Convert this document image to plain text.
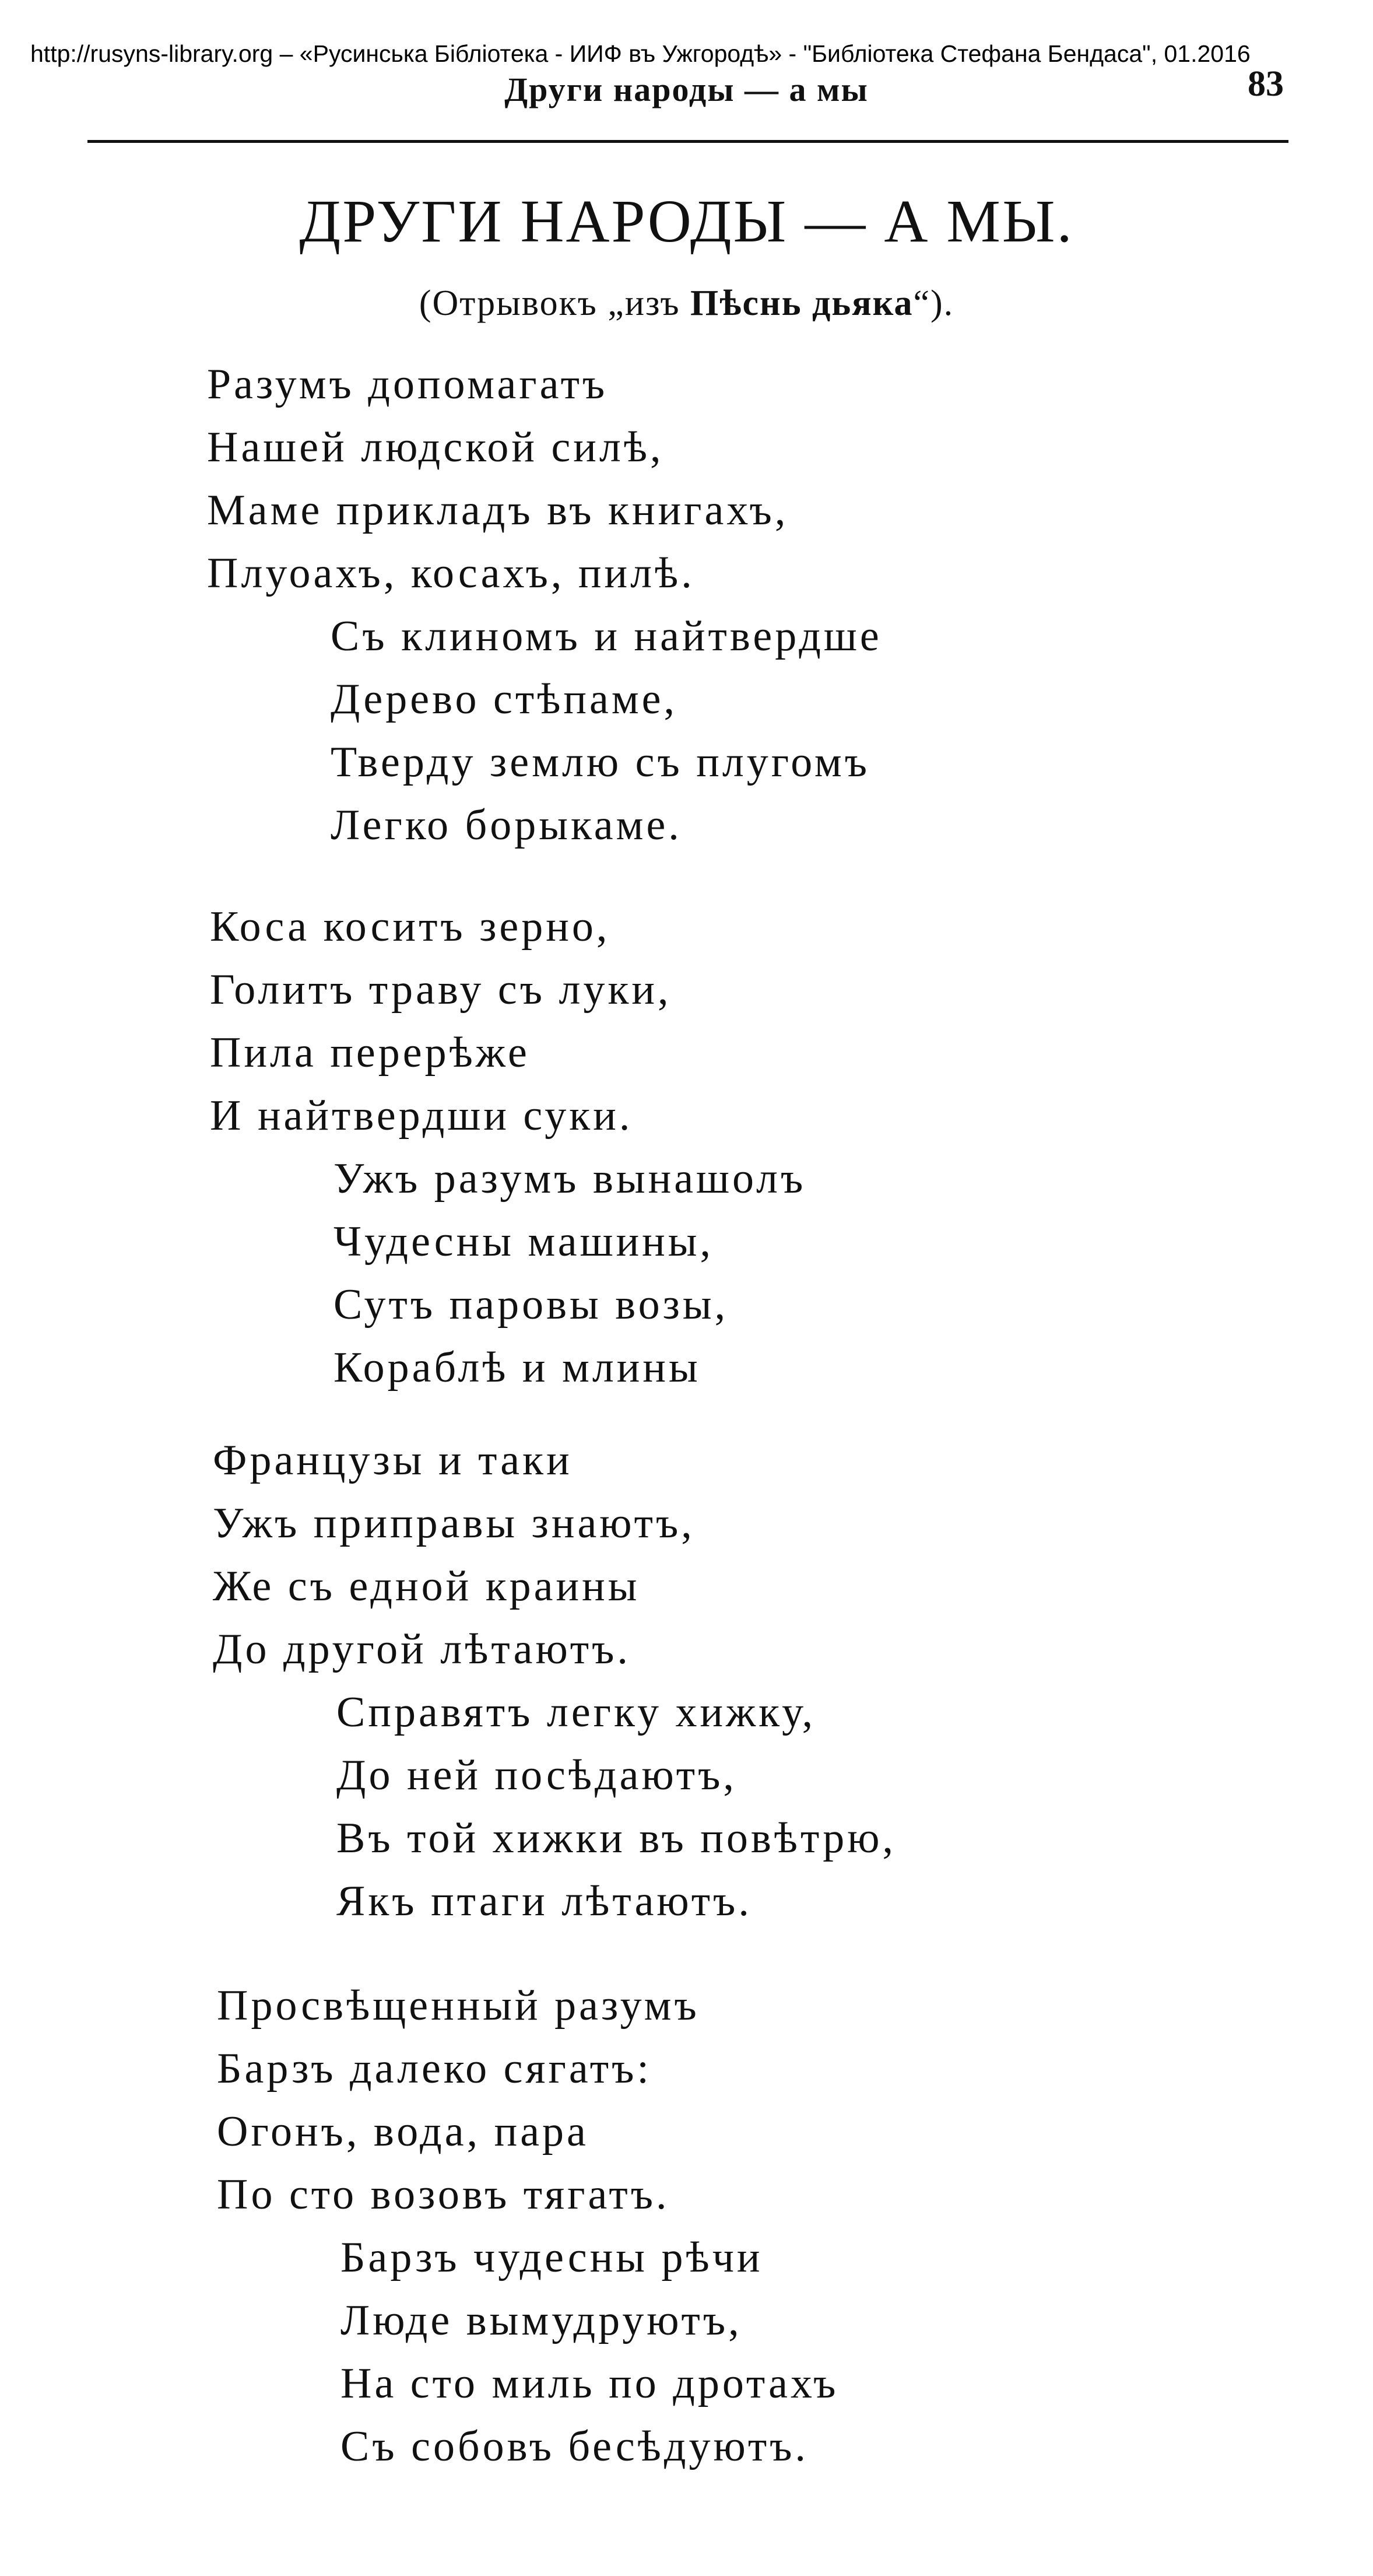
http://rusyns-library.org – «Русинська Бібліотека - ИИФ въ Ужгородѣ» - "Библіотека Стефана Бендаса", 01.2016
Други народы — а мы	83
ДРУГИ НАРОДЫ — А МЫ.
(Отрывокъ „изъ Пѣснь дьяка“).
Разумъ допомагатъ
Нашей людской силѣ,
Маме прикладъ въ книгахъ,
Плуоахъ, косахъ, пилѣ.
Съ клиномъ и найтвердше
Дерево стѣпаме,
Тверду землю съ плугомъ
Легко борыкаме.
Коса коситъ зерно,
Голитъ траву съ луки,
Пила перерѣже
И найтвердши суки.
Ужъ разумъ вынашолъ
Чудесны машины,
Сутъ паровы возы,
Кораблѣ и млины
Французы и таки
Ужъ приправы знаютъ,
Же съ едной краины
До другой лѣтаютъ.
Справятъ легку хижку,
До ней посѣдаютъ,
Въ той хижки въ повѣтрю,
Якъ птаги лѣтаютъ.
Просвѣщенный разумъ
Барзъ далеко сягатъ:
Огонъ, вода, пара
По сто возовъ тягатъ.
Барзъ чудесны рѣчи
Люде вымудруютъ,
На сто миль по дротахъ
Съ собовъ бесѣдуютъ.
